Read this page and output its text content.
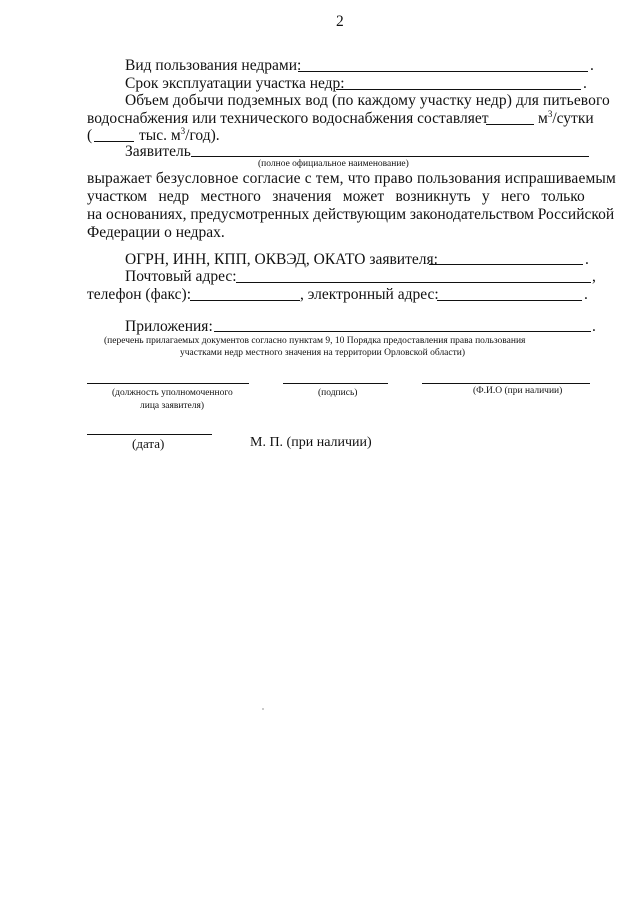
2
Вид пользования недрами:	.
Срок эксплуатации участка недр:	.
Объем добычи подземных вод (по каждому участку недр) для питьевого
водоснабжения или технического водоснабжения составляет	$м^3$/сутки
(	тыс. $м^3/год$).
Заявитель
(полное официальное наименование)
выражает безусловное согласие с тем, что право пользования испрашиваемым
участком недр местного значения может возникнуть у него только
на основаниях, предусмотренных действующим законодательством Российской
Федерации о недрах.
ОГРН, ИНН, КПП, ОКВЭД, ОКАТО заявителя:	.
Почтовый адрес:	,
телефон (факс):	, электронный адрес:	.
Приложения:	.
(перечень прилагаемых документов согласно пунктам 9, 10 Порядка предоставления права пользования
участками недр местного значения на территории Орловской области)
(должность уполномоченного
лица заявителя)
(подпись)	(Ф.И.О (при наличии)
(дата)	М. П. (при наличии)
